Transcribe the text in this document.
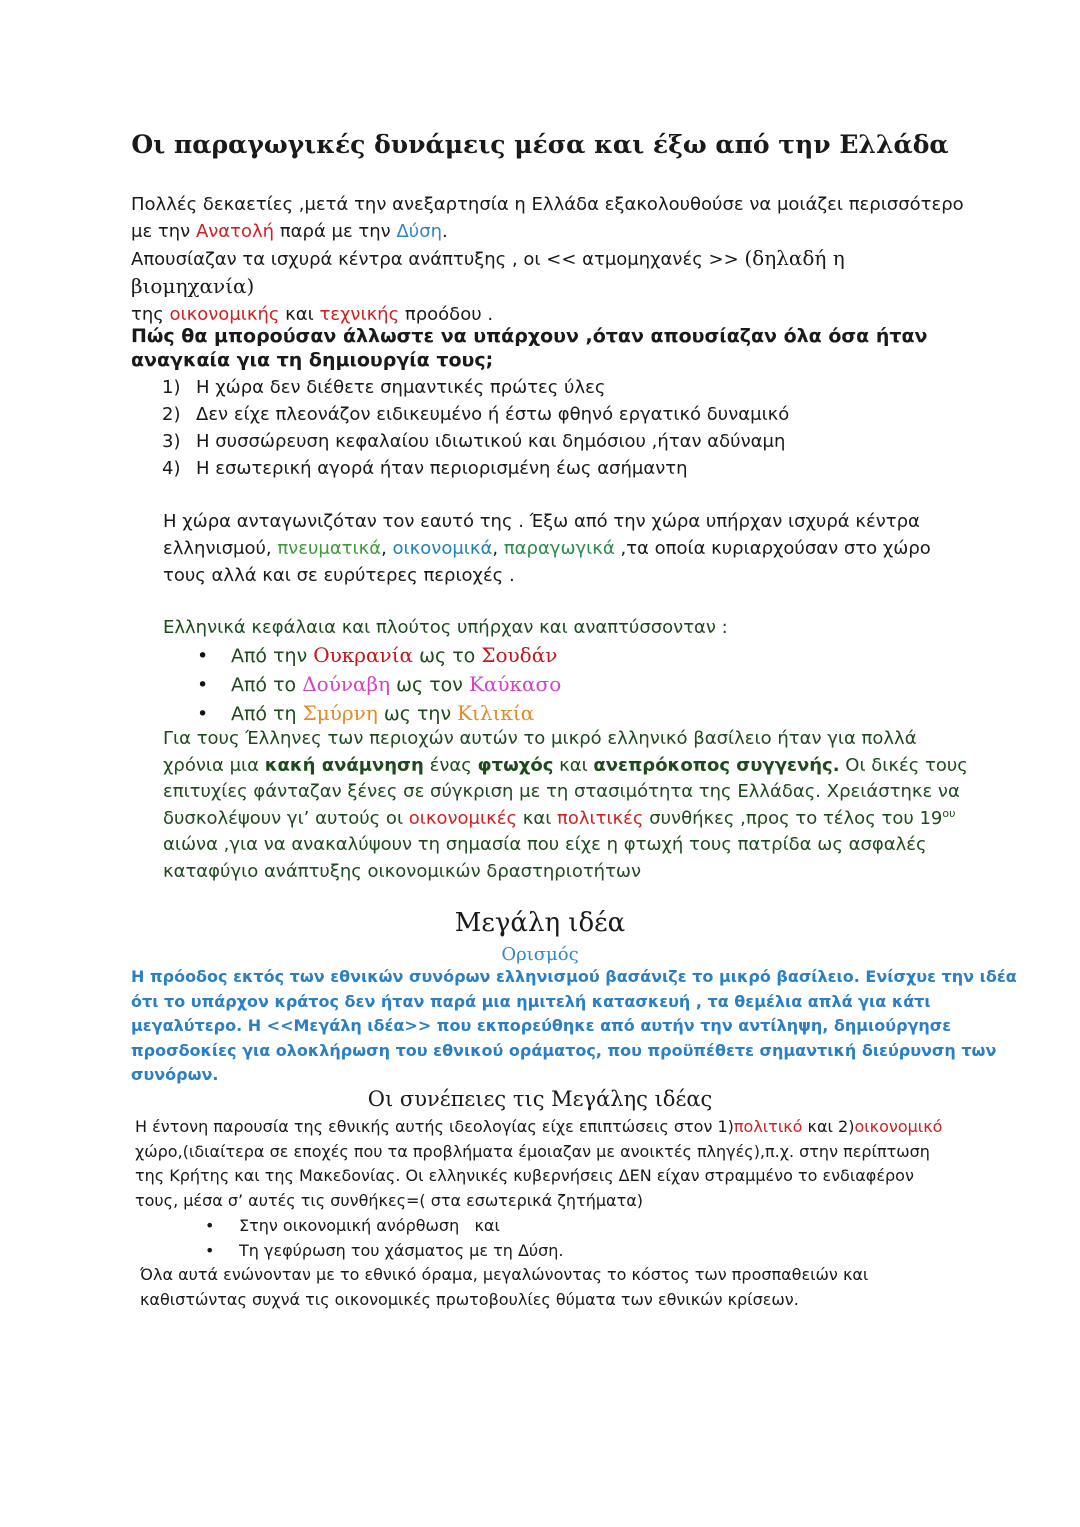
Οι παραγωγικές δυνάμεις μέσα και έξω από την Ελλάδα
Πολλές δεκαετίες ,μετά την ανεξαρτησία η Ελλάδα εξακολουθούσε να μοιάζει περισσότερο
με την Ανατολή παρά με την Δύση.
Απουσίαζαν τα ισχυρά κέντρα ανάπτυξης , οι << ατμομηχανές >> (δηλαδή η βιομηχανία)
της οικονομικής και τεχνικής προόδου .
Πώς θα μπορούσαν άλλωστε να υπάρχουν ,όταν απουσίαζαν όλα όσα ήταν
αναγκαία για τη δημιουργία τους;
1) Η χώρα δεν διέθετε σημαντικές πρώτες ύλες
2) Δεν είχε πλεονάζον ειδικευμένο ή έστω φθηνό εργατικό δυναμικό
3) Η συσσώρευση κεφαλαίου ιδιωτικού και δημόσιου ,ήταν αδύναμη
4) Η εσωτερική αγορά ήταν περιορισμένη έως ασήμαντη
Η χώρα ανταγωνιζόταν τον εαυτό της . Έξω από την χώρα υπήρχαν ισχυρά κέντρα
ελληνισμού, πνευματικά, οικονομικά, παραγωγικά ,τα οποία κυριαρχούσαν στο χώρο
τους αλλά και σε ευρύτερες περιοχές .
Ελληνικά κεφάλαια και πλούτος υπήρχαν και αναπτύσσονταν :
• Από την Ουκρανία ως το Σουδάν
• Από το Δούναβη ως τον Καύκασο
• Από τη Σμύρνη ως την Κιλικία
Για τους Έλληνες των περιοχών αυτών το μικρό ελληνικό βασίλειο ήταν για πολλά
χρόνια μια κακή ανάμνηση ένας φτωχός και ανεπρόκοπος συγγενής. Οι δικές τους
επιτυχίες φάνταζαν ξένες σε σύγκριση με τη στασιμότητα της Ελλάδας. Χρειάστηκε να
δυσκολέψουν γι’ αυτούς οι οικονομικές και πολιτικές συνθήκες ,προς το τέλος του $19^{o\upsilon}$
αιώνα ,για να ανακαλύψουν τη σημασία που είχε η φτωχή τους πατρίδα ως ασφαλές
καταφύγιο ανάπτυξης οικονομικών δραστηριοτήτων
Μεγάλη ιδέα
Ορισμός
Η πρόοδος εκτός των εθνικών συνόρων ελληνισμού βασάνιζε το μικρό βασίλειο. Ενίσχυε την ιδέα
ότι το υπάρχον κράτος δεν ήταν παρά μια ημιτελή κατασκευή , τα θεμέλια απλά για κάτι
μεγαλύτερο. Η <<Μεγάλη ιδέα>> που εκπορεύθηκε από αυτήν την αντίληψη, δημιούργησε
προσδοκίες για ολοκλήρωση του εθνικού οράματος, που προϋπέθετε σημαντική διεύρυνση των
συνόρων.
Οι συνέπειες τις Μεγάλης ιδέας
Η έντονη παρουσία της εθνικής αυτής ιδεολογίας είχε επιπτώσεις στον 1)πολιτικό και 2)οικονομικό
χώρο,(ιδιαίτερα σε εποχές που τα προβλήματα έμοιαζαν με ανοικτές πληγές),π.χ. στην περίπτωση
της Κρήτης και της Μακεδονίας. Οι ελληνικές κυβερνήσεις ΔΕΝ είχαν στραμμένο το ενδιαφέρον
τους, μέσα σ’ αυτές τις συνθήκες=( στα εσωτερικά ζητήματα)
• Στην οικονομική ανόρθωση   και
• Τη γεφύρωση του χάσματος με τη Δύση.
Όλα αυτά ενώνονταν με το εθνικό όραμα, μεγαλώνοντας το κόστος των προσπαθειών και
καθιστώντας συχνά τις οικονομικές πρωτοβουλίες θύματα των εθνικών κρίσεων.
